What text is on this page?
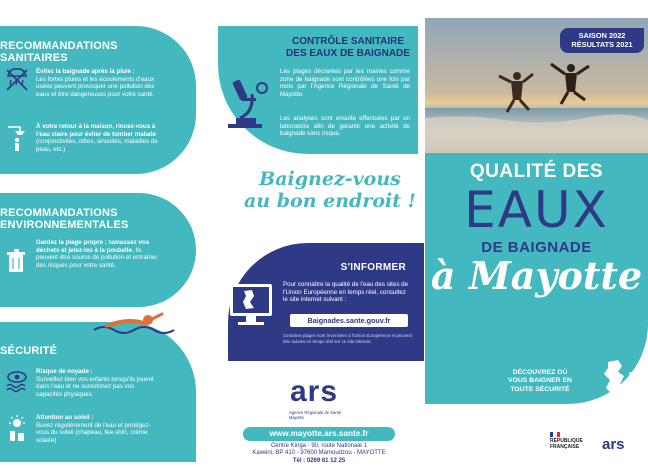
RECOMMANDATIONS
SANITAIRES
Évitez la baignade après la pluie :
Les fortes pluies et les écoulements d'eaux usées peuvent provoquer une pollution des eaux et être dangereuses pour votre santé.
À votre retour à la maison, rincez-vous à l'eau claire pour éviter de tomber malade (conjonctivites, otites, sinusites, maladies de peau, etc.)
RECOMMANDATIONS
ENVIRONNEMENTALES
Gardez la plage propre : ramassez vos déchets et jetez-les à la poubelle. Ils peuvent être source de pollution et entraîner des risques pour votre santé.
SÉCURITÉ
Risque de noyade :
Surveillez bien vos enfants lorsqu'ils jouent dans l'eau et ne surestimez pas vos capacités physiques.
Attention au soleil :
Buvez régulièrement de l'eau et protégez-vous du soleil (chapeau, tee-shirt, crème solaire)
CONTRÔLE SANITAIRE
DES EAUX DE BAIGNADE
Les plages déclarées par les mairies comme zone de baignade sont contrôlées une fois par mois par l'Agence Régionale de Santé de Mayotte.
Les analyses sont ensuite effectuées par un laboratoire afin de garantir une activité de baignade sans risque.
Baignez-vous
au bon endroit !
S'INFORMER
Pour connaître la qualité de l'eau des sites de l'Union Européenne en temps réel, consultez le site internet suivant :
Baignades.sante.gouv.fr
Certaines plages sont recensées à l'Union Européenne et peuvent être suivies en temps réel sur ce site internet.
ars
Agence Régionale de Santé
Mayotte
www.mayotte.ars.sante.fr
Centre Kinga - 90, route Nationale 1
Kawéni, BP 410 - 97600 Mamoudzou - MAYOTTE
Tél : 0269 61 12 25
SAISON 2022
RÉSULTATS 2021
QUALITÉ DES
EAUX
DE BAIGNADE
à Mayotte
DÉCOUVREZ OÙ
VOUS BAIGNER EN
TOUTE SÉCURITÉ
RÉPUBLIQUE
FRANÇAISE ars
